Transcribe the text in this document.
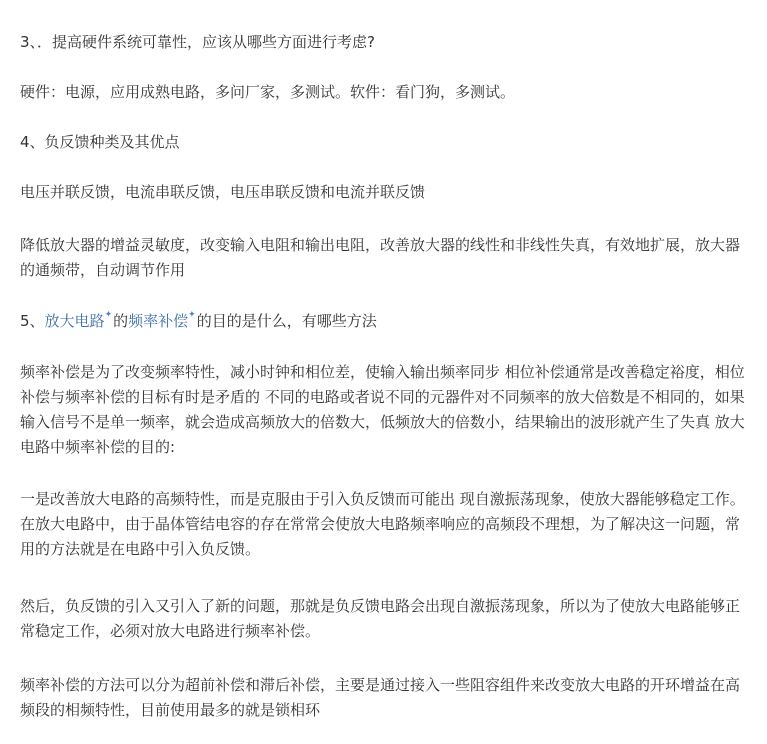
3、．提高硬件系统可靠性，应该从哪些方面进行考虑?

硬件：电源，应用成熟电路，多问厂家，多测试。软件：看门狗，多测试。

4、负反馈种类及其优点

电压并联反馈，电流串联反馈，电压串联反馈和电流并联反馈

降低放大器的增益灵敏度，改变输入电阻和输出电阻，改善放大器的线性和非线性失真，有效地扩展，放大器的通频带，自动调节作用

5、放大电路✦的频率补偿✦的目的是什么，有哪些方法

频率补偿是为了改变频率特性，减小时钟和相位差，使输入输出频率同步 相位补偿通常是改善稳定裕度，相位补偿与频率补偿的目标有时是矛盾的 不同的电路或者说不同的元器件对不同频率的放大倍数是不相同的，如果输入信号不是单一频率，就会造成高频放大的倍数大，低频放大的倍数小，结果输出的波形就产生了失真 放大电路中频率补偿的目的:

一是改善放大电路的高频特性，而是克服由于引入负反馈而可能出 现自激振荡现象，使放大器能够稳定工作。在放大电路中，由于晶体管结电容的存在常常会使放大电路频率响应的高频段不理想，为了解决这一问题，常用的方法就是在电路中引入负反馈。

然后，负反馈的引入又引入了新的问题，那就是负反馈电路会出现自激振荡现象，所以为了使放大电路能够正常稳定工作，必须对放大电路进行频率补偿。

频率补偿的方法可以分为超前补偿和滞后补偿，主要是通过接入一些阻容组件来改变放大电路的开环增益在高频段的相频特性，目前使用最多的就是锁相环
